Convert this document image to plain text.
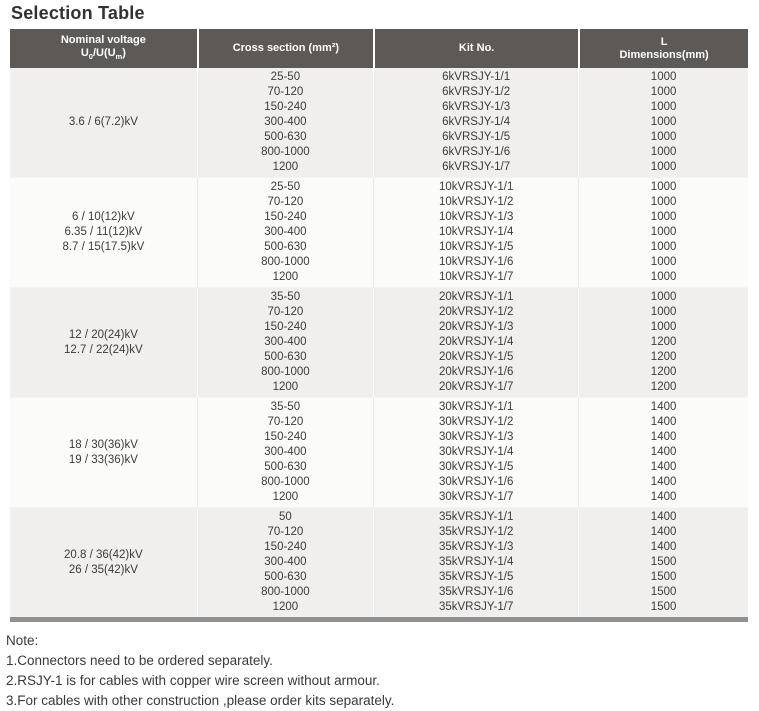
Selection Table
Nominal voltage
$U_0/U(U_m)$	Cross section (mm²)	Kit No.
L
Dimensions(mm)
3.6 / 6(7.2)kV
25-50
70-120
150-240
300-400
500-630
800-1000
1200
6kVRSJY-1/1
6kVRSJY-1/2
6kVRSJY-1/3
6kVRSJY-1/4
6kVRSJY-1/5
6kVRSJY-1/6
6kVRSJY-1/7
1000
1000
1000
1000
1000
1000
1000
6 / 10(12)kV
6.35 / 11(12)kV
8.7 / 15(17.5)kV
25-50
70-120
150-240
300-400
500-630
800-1000
1200
10kVRSJY-1/1
10kVRSJY-1/2
10kVRSJY-1/3
10kVRSJY-1/4
10kVRSJY-1/5
10kVRSJY-1/6
10kVRSJY-1/7
1000
1000
1000
1000
1000
1000
1000
12 / 20(24)kV
12.7 / 22(24)kV
35-50
70-120
150-240
300-400
500-630
800-1000
1200
20kVRSJY-1/1
20kVRSJY-1/2
20kVRSJY-1/3
20kVRSJY-1/4
20kVRSJY-1/5
20kVRSJY-1/6
20kVRSJY-1/7
1000
1000
1000
1200
1200
1200
1200
18 / 30(36)kV
19 / 33(36)kV
35-50
70-120
150-240
300-400
500-630
800-1000
1200
30kVRSJY-1/1
30kVRSJY-1/2
30kVRSJY-1/3
30kVRSJY-1/4
30kVRSJY-1/5
30kVRSJY-1/6
30kVRSJY-1/7
1400
1400
1400
1400
1400
1400
1400
20.8 / 36(42)kV
26 / 35(42)kV
50
70-120
150-240
300-400
500-630
800-1000
1200
35kVRSJY-1/1
35kVRSJY-1/2
35kVRSJY-1/3
35kVRSJY-1/4
35kVRSJY-1/5
35kVRSJY-1/6
35kVRSJY-1/7
1400
1400
1400
1500
1500
1500
1500
Note:
1.Connectors need to be ordered separately.
2.RSJY-1 is for cables with copper wire screen without armour.
3.For cables with other construction ,please order kits separately.
